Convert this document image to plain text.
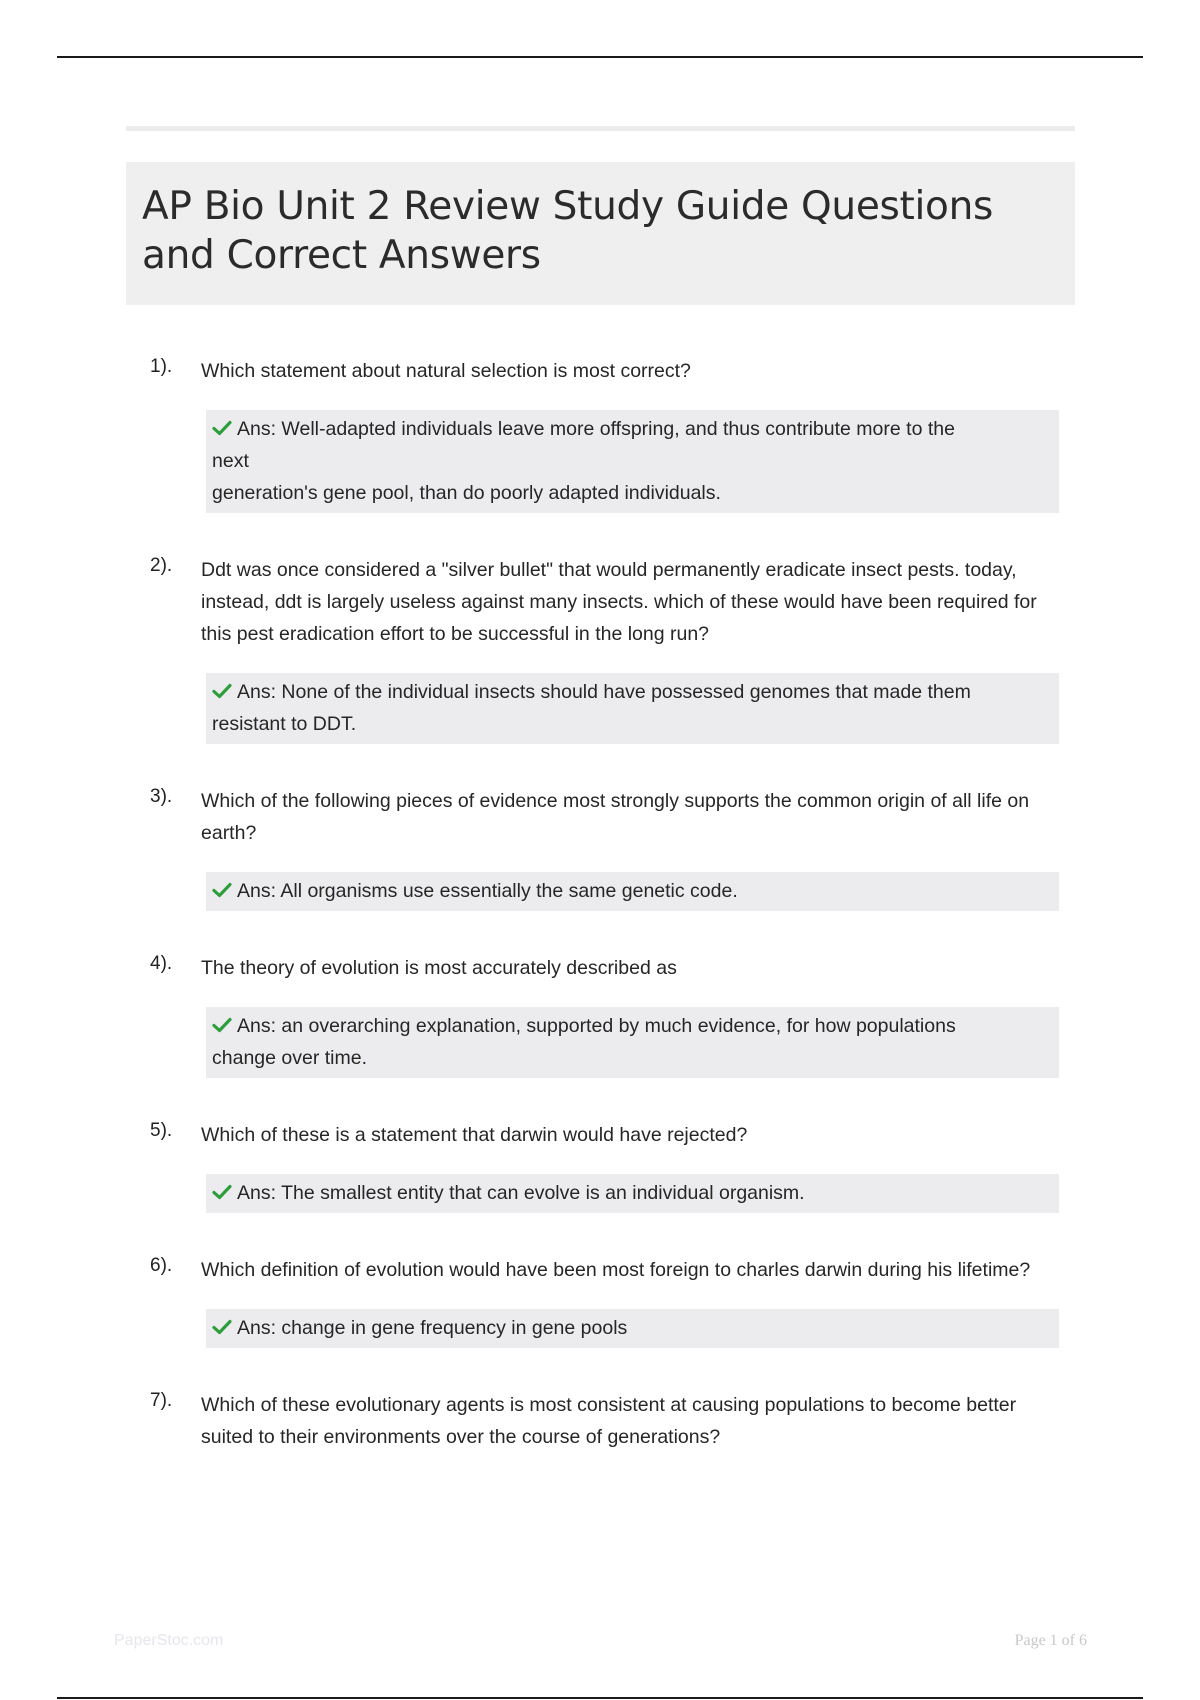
AP Bio Unit 2 Review Study Guide Questions and Correct Answers
1).	Which statement about natural selection is most correct?
Ans: Well-adapted individuals leave more offspring, and thus contribute more to the
next
generation's gene pool, than do poorly adapted individuals.
2).	Ddt was once considered a "silver bullet" that would permanently eradicate insect pests. today, instead, ddt is largely useless against many insects. which of these would have been required for this pest eradication effort to be successful in the long run?
Ans: None of the individual insects should have possessed genomes that made them
resistant to DDT.
3).	Which of the following pieces of evidence most strongly supports the common origin of all life on earth?
Ans: All organisms use essentially the same genetic code.
4).	The theory of evolution is most accurately described as
Ans: an overarching explanation, supported by much evidence, for how populations
change over time.
5).	Which of these is a statement that darwin would have rejected?
Ans: The smallest entity that can evolve is an individual organism.
6).	Which definition of evolution would have been most foreign to charles darwin during his lifetime?
Ans: change in gene frequency in gene pools
7).	Which of these evolutionary agents is most consistent at causing populations to become better suited to their environments over the course of generations?
PaperStoc.com	Page 1 of 6
